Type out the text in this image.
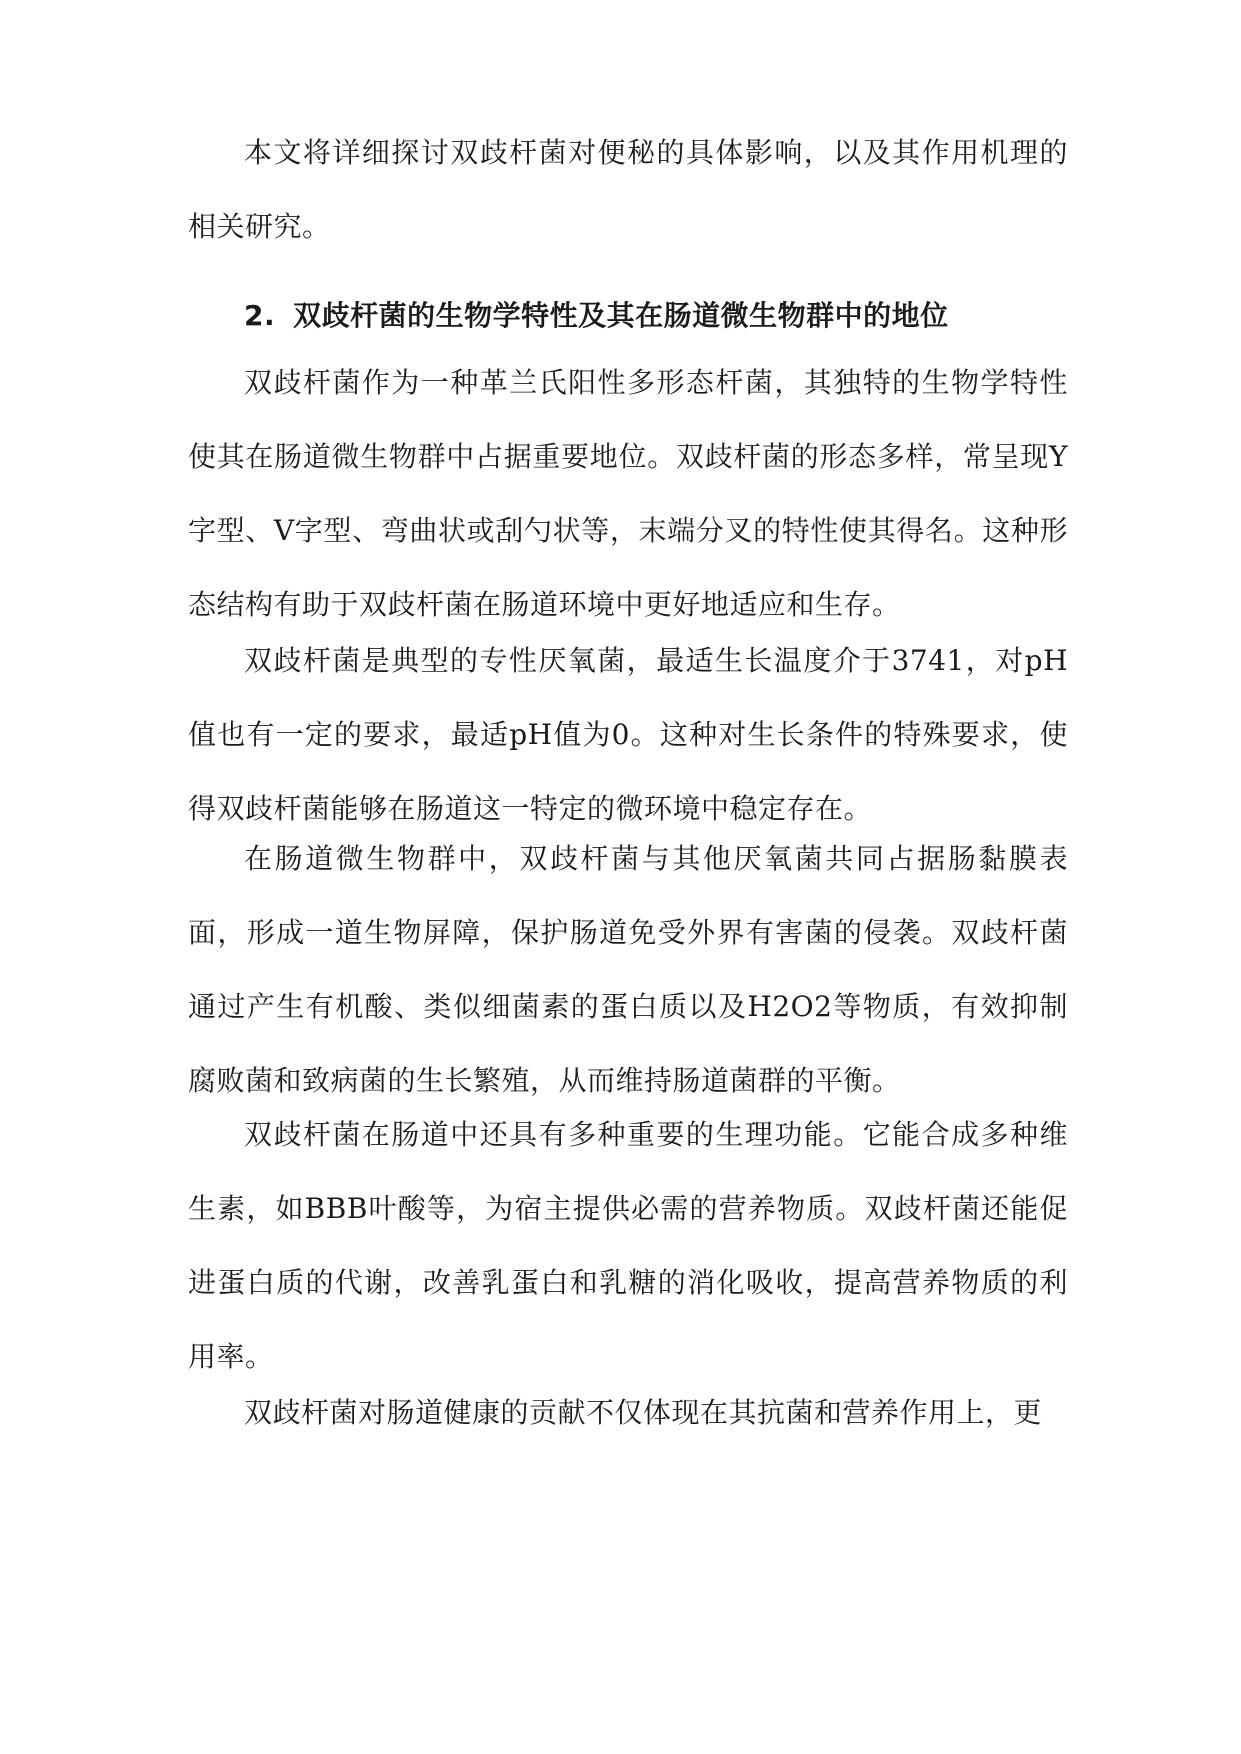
本文将详细探讨双歧杆菌对便秘的具体影响，以及其作用机理的相关研究。

2. 双歧杆菌的生物学特性及其在肠道微生物群中的地位

双歧杆菌作为一种革兰氏阳性多形态杆菌，其独特的生物学特性使其在肠道微生物群中占据重要地位。双歧杆菌的形态多样，常呈现Y字型、V字型、弯曲状或刮勺状等，末端分叉的特性使其得名。这种形态结构有助于双歧杆菌在肠道环境中更好地适应和生存。

双歧杆菌是典型的专性厌氧菌，最适生长温度介于3741，对pH值也有一定的要求，最适pH值为0。这种对生长条件的特殊要求，使得双歧杆菌能够在肠道这一特定的微环境中稳定存在。

在肠道微生物群中，双歧杆菌与其他厌氧菌共同占据肠黏膜表面，形成一道生物屏障，保护肠道免受外界有害菌的侵袭。双歧杆菌通过产生有机酸、类似细菌素的蛋白质以及H2O2等物质，有效抑制腐败菌和致病菌的生长繁殖，从而维持肠道菌群的平衡。

双歧杆菌在肠道中还具有多种重要的生理功能。它能合成多种维生素，如BBB叶酸等，为宿主提供必需的营养物质。双歧杆菌还能促进蛋白质的代谢，改善乳蛋白和乳糖的消化吸收，提高营养物质的利用率。

双歧杆菌对肠道健康的贡献不仅体现在其抗菌和营养作用上，更
